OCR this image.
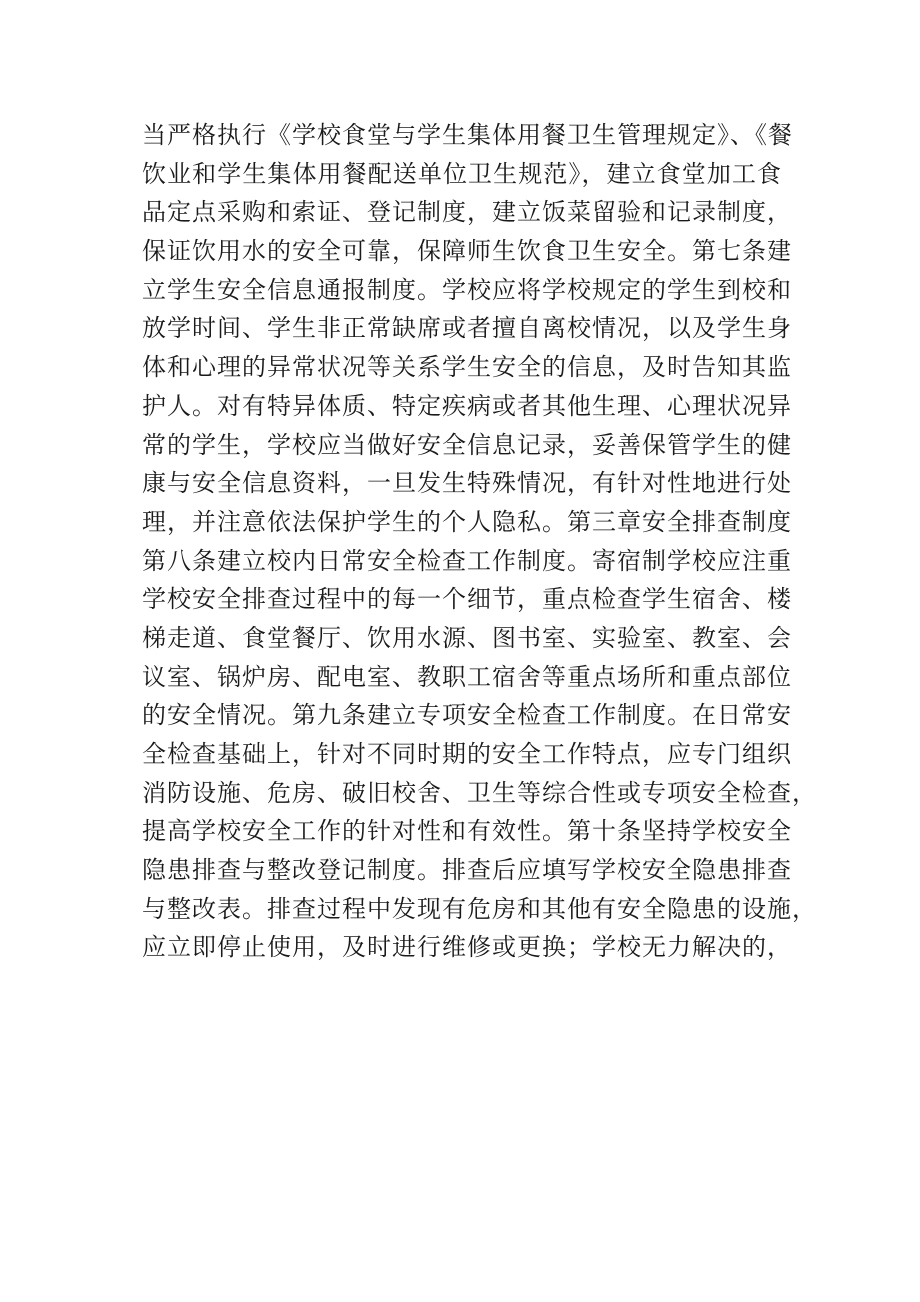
当严格执行《学校食堂与学生集体用餐卫生管理规定》、《餐
饮业和学生集体用餐配送单位卫生规范》，建立食堂加工食
品定点采购和索证、登记制度，建立饭菜留验和记录制度，
保证饮用水的安全可靠，保障师生饮食卫生安全。第七条建
立学生安全信息通报制度。学校应将学校规定的学生到校和
放学时间、学生非正常缺席或者擅自离校情况，以及学生身
体和心理的异常状况等关系学生安全的信息，及时告知其监
护人。对有特异体质、特定疾病或者其他生理、心理状况异
常的学生，学校应当做好安全信息记录，妥善保管学生的健
康与安全信息资料，一旦发生特殊情况，有针对性地进行处
理，并注意依法保护学生的个人隐私。第三章安全排查制度
第八条建立校内日常安全检查工作制度。寄宿制学校应注重
学校安全排查过程中的每一个细节，重点检查学生宿舍、楼
梯走道、食堂餐厅、饮用水源、图书室、实验室、教室、会
议室、锅炉房、配电室、教职工宿舍等重点场所和重点部位
的安全情况。第九条建立专项安全检查工作制度。在日常安
全检查基础上，针对不同时期的安全工作特点，应专门组织
消防设施、危房、破旧校舍、卫生等综合性或专项安全检查，
提高学校安全工作的针对性和有效性。第十条坚持学校安全
隐患排查与整改登记制度。排查后应填写学校安全隐患排查
与整改表。排查过程中发现有危房和其他有安全隐患的设施，
应立即停止使用，及时进行维修或更换；学校无力解决的，
